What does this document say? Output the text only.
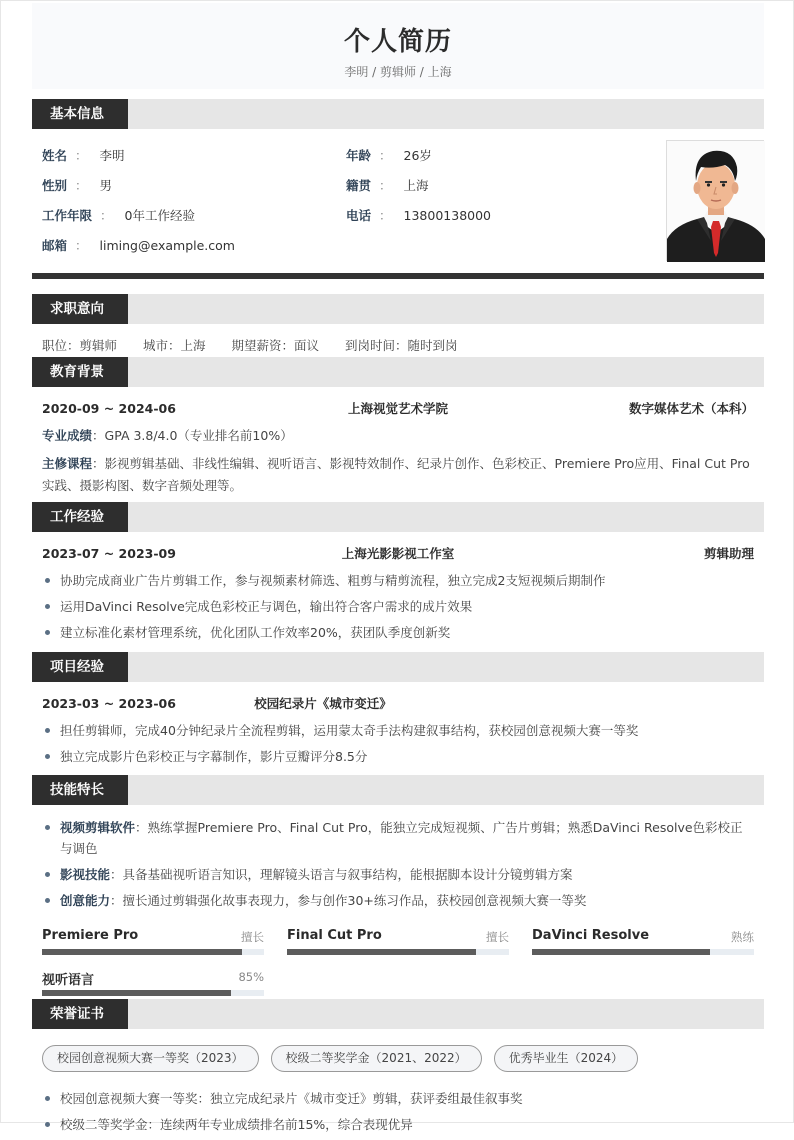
个人简历
李明 / 剪辑师 / 上海
基本信息
姓名 ： 李明
性别 ： 男
工作年限 ： 0年工作经验
邮箱 ： liming@example.com
年龄 ： 26岁
籍贯 ： 上海
电话 ： 13800138000
求职意向
职位：剪辑师 城市：上海 期望薪资：面议 到岗时间：随时到岗
教育背景
2020-09 ~ 2024-06	上海视觉艺术学院	数字媒体艺术（本科）
专业成绩：GPA 3.8/4.0（专业排名前10%）
主修课程：影视剪辑基础、非线性编辑、视听语言、影视特效制作、纪录片创作、色彩校正、Premiere Pro应用、Final Cut Pro实践、摄影构图、数字音频处理等。
工作经验
2023-07 ~ 2023-09	上海光影影视工作室	剪辑助理
协助完成商业广告片剪辑工作，参与视频素材筛选、粗剪与精剪流程，独立完成2支短视频后期制作
运用DaVinci Resolve完成色彩校正与调色，输出符合客户需求的成片效果
建立标准化素材管理系统，优化团队工作效率20%，获团队季度创新奖
项目经验
2023-03 ~ 2023-06	校园纪录片《城市变迁》
担任剪辑师，完成40分钟纪录片全流程剪辑，运用蒙太奇手法构建叙事结构，获校园创意视频大赛一等奖
独立完成影片色彩校正与字幕制作，影片豆瓣评分8.5分
技能特长
视频剪辑软件：熟练掌握Premiere Pro、Final Cut Pro，能独立完成短视频、广告片剪辑；熟悉DaVinci Resolve色彩校正与调色
影视技能：具备基础视听语言知识，理解镜头语言与叙事结构，能根据脚本设计分镜剪辑方案
创意能力：擅长通过剪辑强化故事表现力，参与创作30+练习作品，获校园创意视频大赛一等奖
Premiere Pro	擅长 Final Cut Pro	擅长 DaVinci Resolve	熟练
视听语言	85%
荣誉证书
校园创意视频大赛一等奖（2023）	校级二等奖学金（2021、2022）	优秀毕业生（2024）
校园创意视频大赛一等奖：独立完成纪录片《城市变迁》剪辑，获评委组最佳叙事奖
校级二等奖学金：连续两年专业成绩排名前15%，综合表现优异
